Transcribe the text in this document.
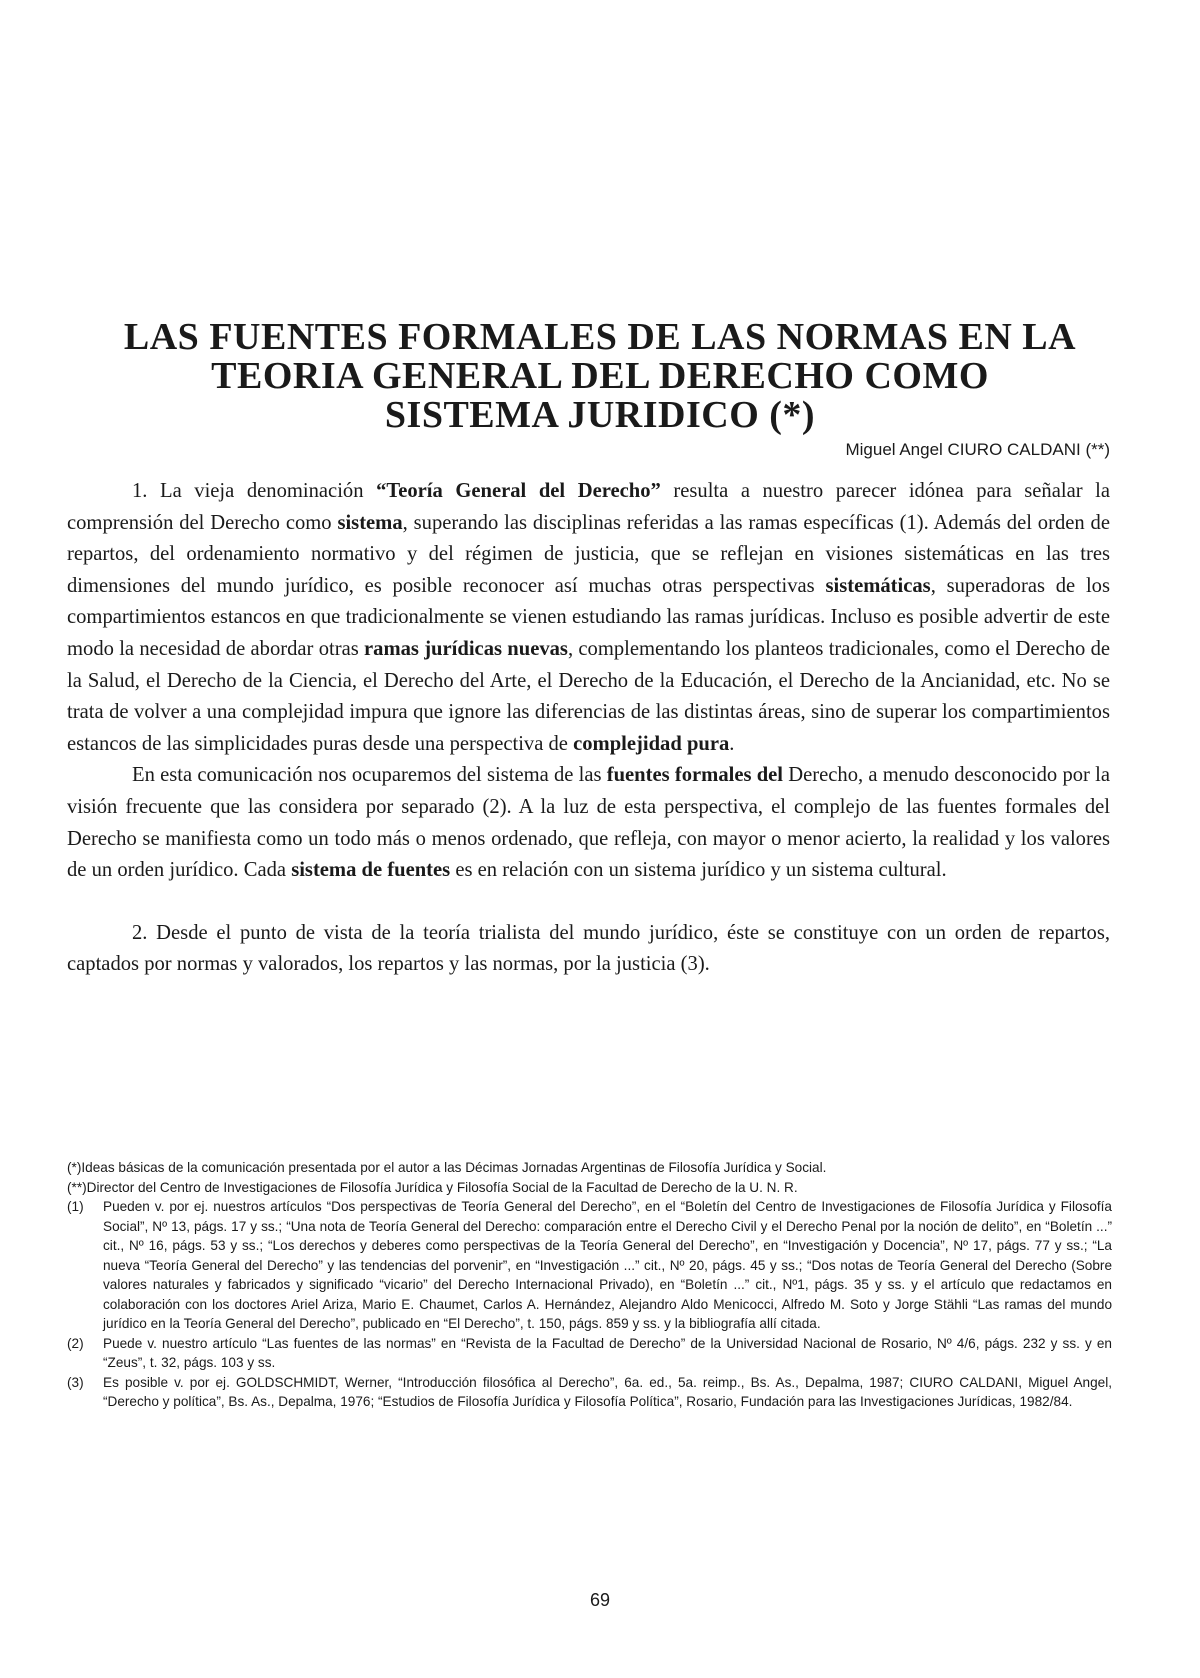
LAS FUENTES FORMALES DE LAS NORMAS EN LA
TEORIA GENERAL DEL DERECHO COMO
SISTEMA JURIDICO (*)
Miguel Angel CIURO CALDANI (**)

1. La vieja denominación “Teoría General del Derecho” resulta a nuestro parecer idónea para señalar la comprensión del Derecho como sistema, superando las disciplinas referidas a las ramas específicas (1). Además del orden de repartos, del ordenamiento normativo y del régimen de justicia, que se reflejan en visiones sistemáticas en las tres dimensiones del mundo jurídico, es posible reconocer así muchas otras perspectivas sistemáticas, superadoras de los compartimientos estancos en que tradicionalmente se vienen estudiando las ramas jurídicas. Incluso es posible advertir de este modo la necesidad de abordar otras ramas jurídicas nuevas, complementando los planteos tradicionales, como el Derecho de la Salud, el Derecho de la Ciencia, el Derecho del Arte, el Derecho de la Educación, el Derecho de la Ancianidad, etc. No se trata de volver a una complejidad impura que ignore las diferencias de las distintas áreas, sino de superar los compartimientos estancos de las simplicidades puras desde una perspectiva de complejidad pura.

En esta comunicación nos ocuparemos del sistema de las fuentes formales del Derecho, a menudo desconocido por la visión frecuente que las considera por separado (2). A la luz de esta perspectiva, el complejo de las fuentes formales del Derecho se manifiesta como un todo más o menos ordenado, que refleja, con mayor o menor acierto, la realidad y los valores de un orden jurídico. Cada sistema de fuentes es en relación con un sistema jurídico y un sistema cultural.

2. Desde el punto de vista de la teoría trialista del mundo jurídico, éste se constituye con un orden de repartos, captados por normas y valorados, los repartos y las normas, por la justicia (3).

(*) Ideas básicas de la comunicación presentada por el autor a las Décimas Jornadas Argentinas de Filosofía Jurídica y Social.
(**) Director del Centro de Investigaciones de Filosofía Jurídica y Filosofía Social de la Facultad de Derecho de la U. N. R.
(1)	Pueden v. por ej. nuestros artículos “Dos perspectivas de Teoría General del Derecho”, en el “Boletín del Centro de Investigaciones de Filosofía Jurídica y Filosofía Social”, Nº 13, págs. 17 y ss.; “Una nota de Teoría General del Derecho: comparación entre el Derecho Civil y el Derecho Penal por la noción de delito”, en “Boletín ...” cit., Nº 16, págs. 53 y ss.; “Los derechos y deberes como perspectivas de la Teoría General del Derecho”, en “Investigación y Docencia”, Nº 17, págs. 77 y ss.; “La nueva “Teoría General del Derecho” y las tendencias del porvenir”, en “Investigación ...” cit., Nº 20, págs. 45 y ss.; “Dos notas de Teoría General del Derecho (Sobre valores naturales y fabricados y significado “vicario” del Derecho Internacional Privado), en “Boletín ...” cit., Nº1, págs. 35 y ss. y el artículo que redactamos en colaboración con los doctores Ariel Ariza, Mario E. Chaumet, Carlos A. Hernández, Alejandro Aldo Menicocci, Alfredo M. Soto y Jorge Stähli “Las ramas del mundo jurídico en la Teoría General del Derecho”, publicado en “El Derecho”, t. 150, págs. 859 y ss. y la bibliografía allí citada.
(2)	Puede v. nuestro artículo “Las fuentes de las normas” en “Revista de la Facultad de Derecho” de la Universidad Nacional de Rosario, Nº 4/6, págs. 232 y ss. y en “Zeus”, t. 32, págs. 103 y ss.
(3)	Es posible v. por ej. GOLDSCHMIDT, Werner, “Introducción filosófica al Derecho”, 6a. ed., 5a. reimp., Bs. As., Depalma, 1987; CIURO CALDANI, Miguel Angel, “Derecho y política”, Bs. As., Depalma, 1976; “Estudios de Filosofía Jurídica y Filosofía Política”, Rosario, Fundación para las Investigaciones Jurídicas, 1982/84.
69
